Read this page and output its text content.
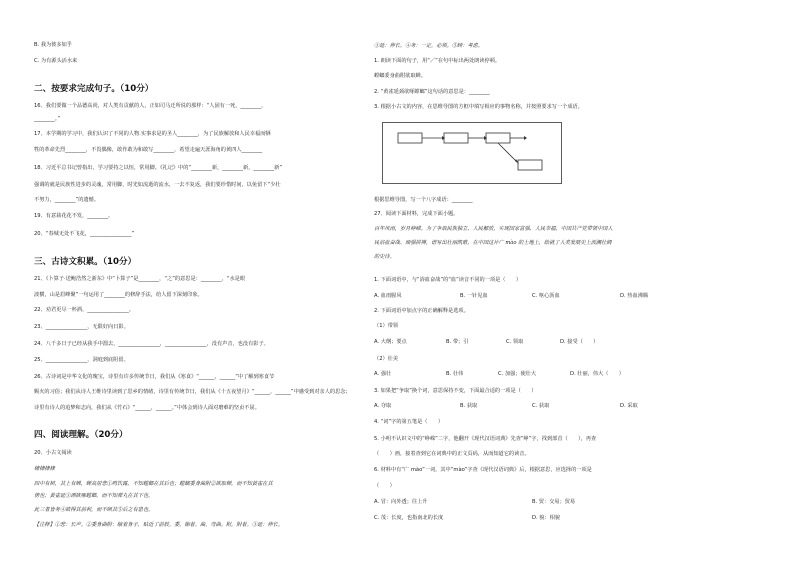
B. 我为彼多如乎
C. 为有源头活水来
二、按要求完成句子。（10分）
16、我们要做一个品德高尚，对人类有贡献的人，正如司马迁所说的那样：“人固有一死，________，
________。”
17、本学期的学习中，我们认识了不同的人物.实事求是的圣人________，为了民族解放和人民幸福而牺
牲的革命先烈________，不畏偶像，敢作敢为和敢写________，希望走遍天涯海角的黄四人________
18、习近平总书记曾指出，学习要持之以恒，常用脚。《礼记》中的“________新，________新，________新”
强调的就是民族性进步的灵魂，常用脚，时光如流逝的流水，一去不复返，我们要珍惜时间，以免留下“少壮
不努力，________”的遗憾。
19、有意栽花花不发，________。
20、“春城无处不飞花，________________”
三、古诗文积累。（10分）
21、《卜算子·送鲍浩然之浙东》中“卜算子”是________，“之”的意思是：________，“水是眼
波横，山是眉峰聚”一句运用了________的修辞手法，给人留下深刻印象。
22、劝君更尽一杯酒，________________。
23、________________，无限好向日影。
24、八千多日子已经从我手中溜去，________________，________________，没有声音，也没有影子。
25、________________，洞庭到底阻留。
26、古诗词是中华文化的瑰宝，诗里有许多传统节日，我们从《寒食》“______，______”中了解到寒食节
赐火的习俗；我们从诗人王维诗里读到了思乡的情绪，诗里有传统节日，我们从《十五夜望月》“______，______”中感受到对亲人的思念；
诗里有诗人的追梦和志向，我们从《竹石》“______，______。”中体会到诗人面对磨难的坚贞不屈。
四、阅读理解。（20分）
20、小古文阅读
棣棣棣棣
四中有树，其上有蝉，蝉高居悲①鸣饮露，不知螳螂在其后也；螳螂委身曲附②欲取蝉，而不知黄雀在其
傍也；黄雀延③颈欲啄螳螂，而不知弹丸在其下也。
此三者皆务④欲得其前利，而不顾其⑤后之有患也。
【注释】①悲：长声。②委身曲附：缩着身子，贴近了前肢。委，缩着。曲，弯曲。附，附着。③延：伸长。
③延：伸长。④务：一定，必须。⑤顾：考虑。
1. 朗读下面的句子，用“／”在句中标出两处朗读停顿。
螳螂委身曲附欲取蝉。
2. “黄雀延颈欲啄螳螂”这句话的意思是：________
3. 根据小古文的内容，在思维导图的方框中填写相应的事物名称，并按照要求写一个成语。
根据思维导图，写一个八字成语：________
27、阅读下面材料，完成下面小题。
百年风雨，岁月峥嵘。为了争取民族独立、人民解放，实现国家富强、人民幸福，中国共产党带领中国人
民浴血奋战、顽强拼搏，谱写出壮丽凯歌，在中国这片广 mào 的土地上，绘就了人类发展史上波澜壮阔
的史诗。
1. 下面词语中，与“浴血奋战”的“血”读音不同的一项是（　　）
A. 血雨腥风	B. 一针见血	C. 呕心沥血	D. 热血沸腾
2. 下面词语中加点字的正确解释是选项。
（1）带领
A. 大纲；要点	B. 带；引	C. 领取	D. 接受（　　）
（2）壮美
A. 强壮	B. 壮伟	C. 加强；使壮大	D. 壮丽，伟大（　　）
3. 如果把“争取”换个词，意思保持不变，下面最合适的一项是（　　）
A. 夺取	B. 获取	C. 获取	D. 采取
4. “词”字的第五笔是（　　）
5. 小明不认识文中的“峥嵘”二字，他翻开《现代汉语词典》先查“峥”字，找到部首（　　），再查
（　　）画，接着查到它在词典中的正文页码，从而知道它的读音。
6. 材料中有“广 mào”一词，其中“mào”字查《现代汉语词典》后，根据意思，应选择的一项是
（　　）
A. 冒：向外透；往上升	B. 贸：交易；贸易
C. 茂：长度，也指南北的长度	D. 貌：相貌
